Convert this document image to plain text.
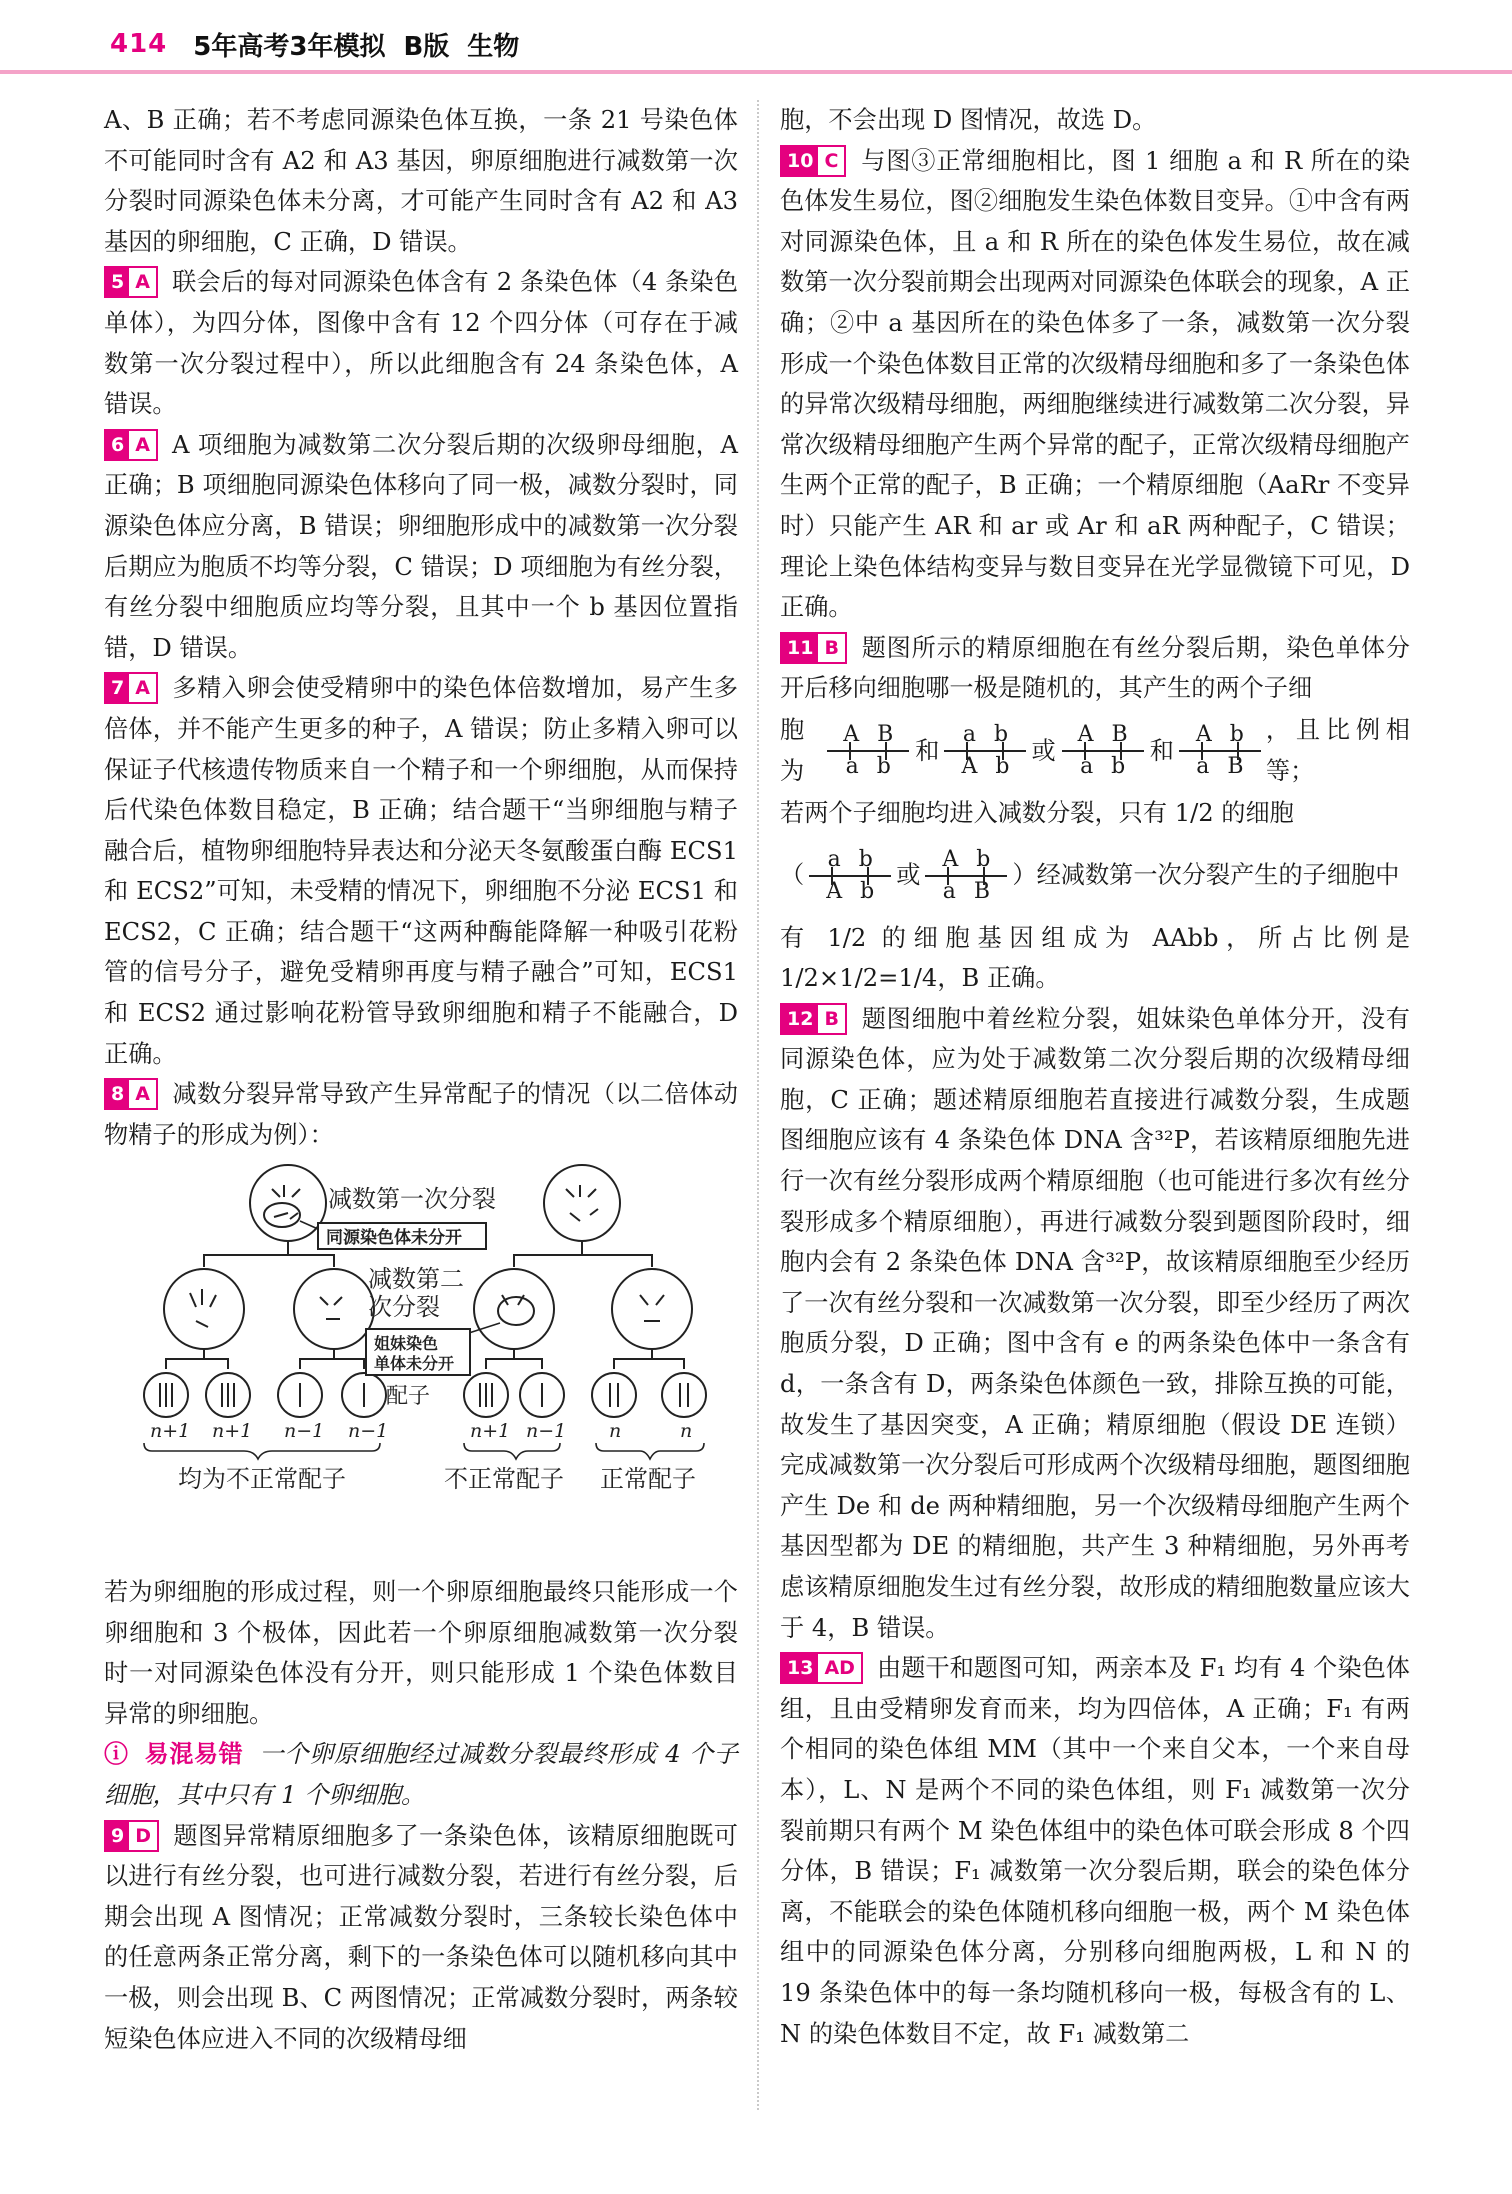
414 5年高考3年模拟 B版 生物

A、B 正确；若不考虑同源染色体互换，一条 21 号染色体不可能同时含有 A2 和 A3 基因，卵原细胞进行减数第一次分裂时同源染色体未分离，才可能产生同时含有 A2 和 A3 基因的卵细胞，C 正确，D 错误。

5 A 联会后的每对同源染色体含有 2 条染色体（4 条染色单体），为四分体，图像中含有 12 个四分体（可存在于减数第一次分裂过程中），所以此细胞含有 24 条染色体，A 错误。

6 A A 项细胞为减数第二次分裂后期的次级卵母细胞，A 正确；B 项细胞同源染色体移向了同一极，减数分裂时，同源染色体应分离，B 错误；卵细胞形成中的减数第一次分裂后期应为胞质不均等分裂，C 错误；D 项细胞为有丝分裂，有丝分裂中细胞质应均等分裂，且其中一个 b 基因位置指错，D 错误。

7 A 多精入卵会使受精卵中的染色体倍数增加，易产生多倍体，并不能产生更多的种子，A 错误；防止多精入卵可以保证子代核遗传物质来自一个精子和一个卵细胞，从而保持后代染色体数目稳定，B 正确；结合题干“当卵细胞与精子融合后，植物卵细胞特异表达和分泌天冬氨酸蛋白酶 ECS1 和 ECS2”可知，未受精的情况下，卵细胞不分泌 ECS1 和 ECS2，C 正确；结合题干“这两种酶能降解一种吸引花粉管的信号分子，避免受精卵再度与精子融合”可知，ECS1 和 ECS2 通过影响花粉管导致卵细胞和精子不能融合，D 正确。

8 A 减数分裂异常导致产生异常配子的情况（以二倍体动物精子的形成为例）：

减数第一次分裂
同源染色体未分开
减数第二
次分裂
姐妹染色
单体未分开
配子
n+1 n+1 n−1 n−1	n+1 n−1 n	n
均为不正常配子	不正常配子 正常配子

若为卵细胞的形成过程，则一个卵原细胞最终只能形成一个卵细胞和 3 个极体，因此若一个卵原细胞减数第一次分裂时一对同源染色体没有分开，则只能形成 1 个染色体数目异常的卵细胞。

ⓘ 易混易错 一个卵原细胞经过减数分裂最终形成 4 个子细胞，其中只有 1 个卵细胞。

9 D 题图异常精原细胞多了一条染色体，该精原细胞既可以进行有丝分裂，也可进行减数分裂，若进行有丝分裂，后期会出现 A 图情况；正常减数分裂时，三条较长染色体中的任意两条正常分离，剩下的一条染色体可以随机移向其中一极，则会出现 B、C 两图情况；正常减数分裂时，两条较短染色体应进入不同的次级精母细

胞，不会出现 D 图情况，故选 D。

10 C 与图③正常细胞相比，图 1 细胞 a 和 R 所在的染色体发生易位，图②细胞发生染色体数目变异。①中含有两对同源染色体，且 a 和 R 所在的染色体发生易位，故在减数第一次分裂前期会出现两对同源染色体联会的现象，A 正确；②中 a 基因所在的染色体多了一条，减数第一次分裂形成一个染色体数目正常的次级精母细胞和多了一条染色体的异常次级精母细胞，两细胞继续进行减数第二次分裂，异常次级精母细胞产生两个异常的配子，正常次级精母细胞产生两个正常的配子，B 正确；一个精原细胞（AaRr 不变异时）只能产生 AR 和 ar 或 Ar 和 aR 两种配子，C 错误；理论上染色体结构变异与数目变异在光学显微镜下可见，D 正确。

11 B 题图所示的精原细胞在有丝分裂后期，染色单体分开后移向细胞哪一极是随机的，其产生的两个子细

胞为 $\frac{AB}{ab}$ 和 $\frac{ab}{Ab}$ 或 $\frac{AB}{ab}$ 和 $\frac{Ab}{aB}$ ，且比例相等；

若两个子细胞均进入减数分裂，只有 1/2 的细胞

（ $\frac{ab}{Ab}$ 或 $\frac{Ab}{aB}$ ）经减数第一次分裂产生的子细胞中

有 1/2 的细胞基因组成为 AAbb，所占比例是 1/2×1/2=1/4，B 正确。

12 B 题图细胞中着丝粒分裂，姐妹染色单体分开，没有同源染色体，应为处于减数第二次分裂后期的次级精母细胞，C 正确；题述精原细胞若直接进行减数分裂，生成题图细胞应该有 4 条染色体 DNA 含³²P，若该精原细胞先进行一次有丝分裂形成两个精原细胞（也可能进行多次有丝分裂形成多个精原细胞），再进行减数分裂到题图阶段时，细胞内会有 2 条染色体 DNA 含³²P，故该精原细胞至少经历了一次有丝分裂和一次减数第一次分裂，即至少经历了两次胞质分裂，D 正确；图中含有 e 的两条染色体中一条含有 d，一条含有 D，两条染色体颜色一致，排除互换的可能，故发生了基因突变，A 正确；精原细胞（假设 DE 连锁）完成减数第一次分裂后可形成两个次级精母细胞，题图细胞产生 De 和 de 两种精细胞，另一个次级精母细胞产生两个基因型都为 DE 的精细胞，共产生 3 种精细胞，另外再考虑该精原细胞发生过有丝分裂，故形成的精细胞数量应该大于 4，B 错误。

13 AD 由题干和题图可知，两亲本及 F₁ 均有 4 个染色体组，且由受精卵发育而来，均为四倍体，A 正确；F₁ 有两个相同的染色体组 MM（其中一个来自父本，一个来自母本），L、N 是两个不同的染色体组，则 F₁ 减数第一次分裂前期只有两个 M 染色体组中的染色体可联会形成 8 个四分体，B 错误；F₁ 减数第一次分裂后期，联会的染色体分离，不能联会的染色体随机移向细胞一极，两个 M 染色体组中的同源染色体分离，分别移向细胞两极，L 和 N 的 19 条染色体中的每一条均随机移向一极，每极含有的 L、N 的染色体数目不定，故 F₁ 减数第二
